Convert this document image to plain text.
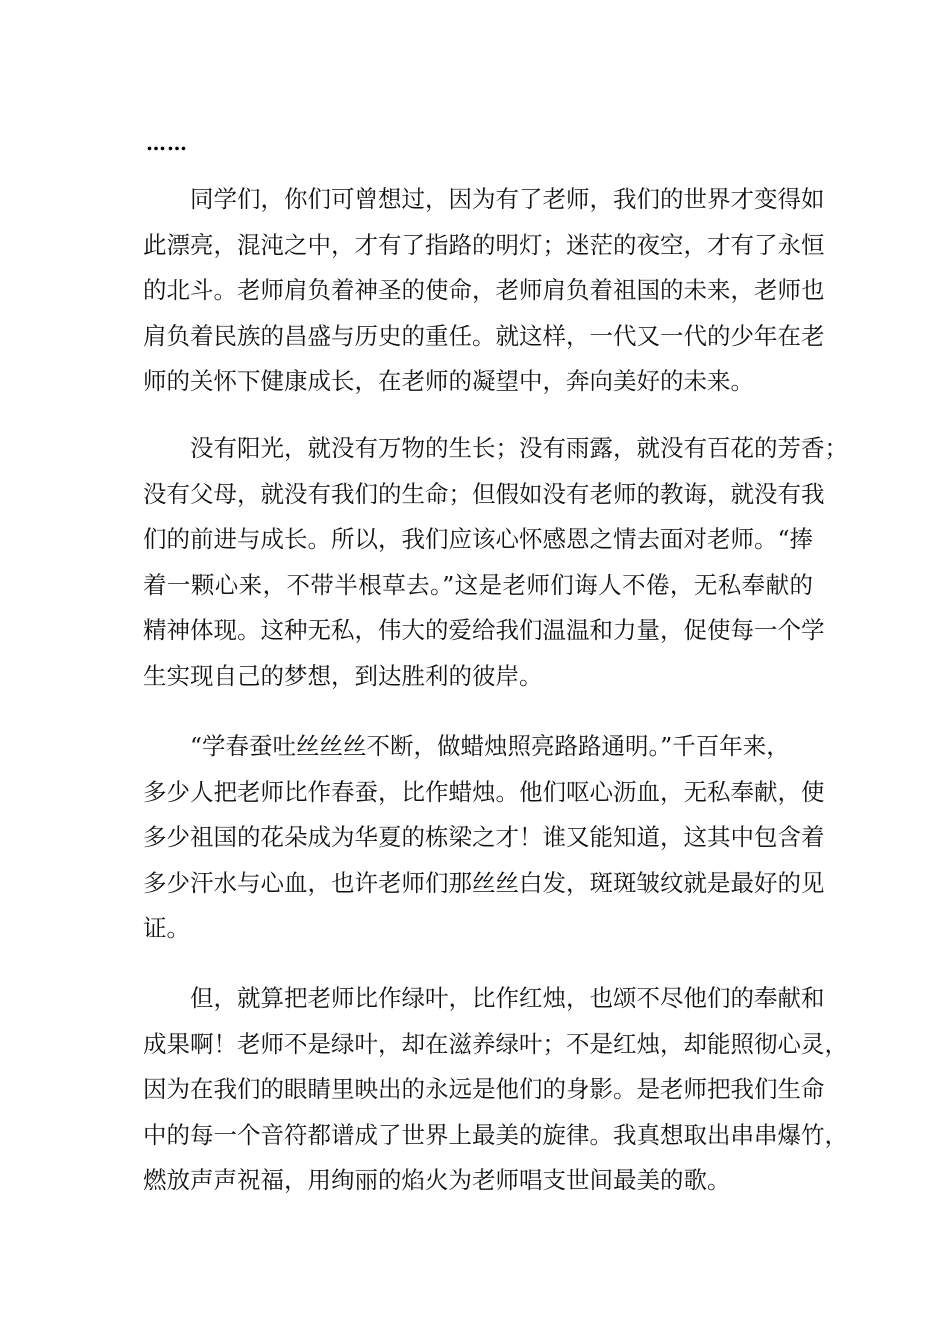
……

同学们，你们可曾想过，因为有了老师，我们的世界才变得如
此漂亮，混沌之中，才有了指路的明灯；迷茫的夜空，才有了永恒
的北斗。老师肩负着神圣的使命，老师肩负着祖国的未来，老师也
肩负着民族的昌盛与历史的重任。就这样，一代又一代的少年在老
师的关怀下健康成长，在老师的凝望中，奔向美好的未来。

没有阳光，就没有万物的生长；没有雨露，就没有百花的芳香；
没有父母，就没有我们的生命；但假如没有老师的教诲，就没有我
们的前进与成长。所以，我们应该心怀感恩之情去面对老师。“捧
着一颗心来，不带半根草去。”这是老师们诲人不倦，无私奉献的
精神体现。这种无私，伟大的爱给我们温温和力量，促使每一个学
生实现自己的梦想，到达胜利的彼岸。

“学春蚕吐丝丝丝不断，做蜡烛照亮路路通明。”千百年来，
多少人把老师比作春蚕，比作蜡烛。他们呕心沥血，无私奉献，使
多少祖国的花朵成为华夏的栋梁之才！谁又能知道，这其中包含着
多少汗水与心血，也许老师们那丝丝白发，斑斑皱纹就是最好的见
证。

但，就算把老师比作绿叶，比作红烛，也颂不尽他们的奉献和
成果啊！老师不是绿叶，却在滋养绿叶；不是红烛，却能照彻心灵，
因为在我们的眼睛里映出的永远是他们的身影。是老师把我们生命
中的每一个音符都谱成了世界上最美的旋律。我真想取出串串爆竹，
燃放声声祝福，用绚丽的焰火为老师唱支世间最美的歌。
